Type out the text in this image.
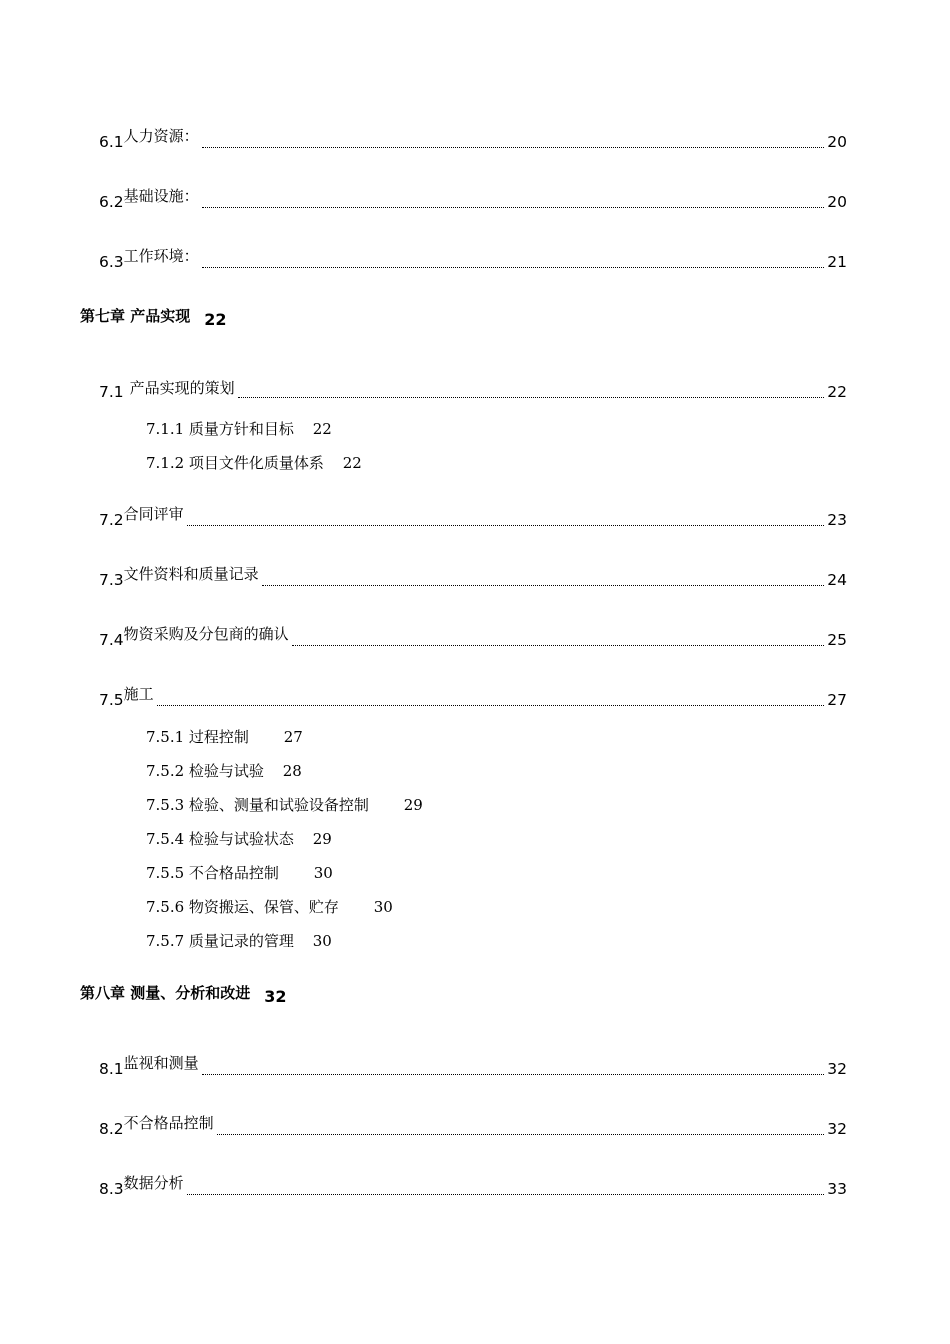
6.1 人力资源：	20
6.2 基础设施：	20
6.3 工作环境：	21
第七章 产品实现 22
7.1 产品实现的策划	22
7.1.1 质量方针和目标 22
7.1.2 项目文件化质量体系 22
7.2 合同评审	23
7.3 文件资料和质量记录	24
7.4 物资采购及分包商的确认	25
7.5 施工	27
7.5.1 过程控制 27
7.5.2 检验与试验 28
7.5.3 检验、测量和试验设备控制 29
7.5.4 检验与试验状态 29
7.5.5 不合格品控制 30
7.5.6 物资搬运、保管、贮存 30
7.5.7 质量记录的管理 30
第八章 测量、分析和改进 32
8.1 监视和测量	32
8.2 不合格品控制	32
8.3 数据分析	33
